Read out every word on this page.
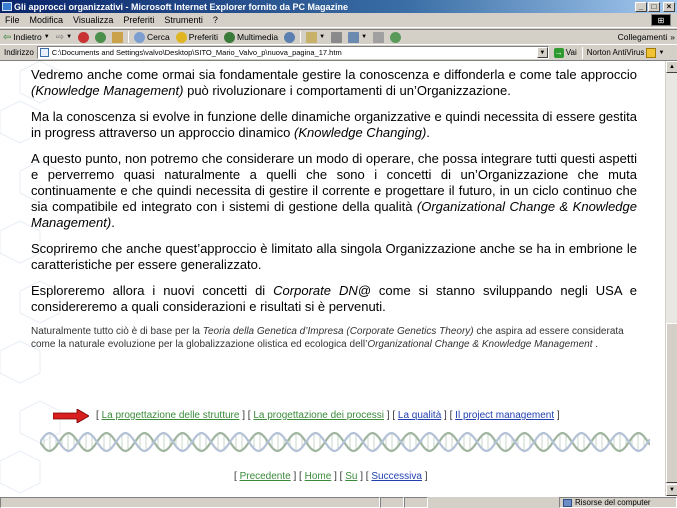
Gli approcci organizzativi - Microsoft Internet Explorer fornito da PC Magazine	_	□	×
File	Modifica	Visualizza	Preferiti	Strumenti	?	⊞
⇦ Indietro ▼ ⇨ ▼	Cerca Preferiti Multimedia	▼	▼	Collegamenti »
Indirizzo	C:\Documents and Settings\valvo\Desktop\SITO_Mario_Valvo_p\nuova_pagina_17.htm	▼	→ Vai Norton AntiVirus ▼

Vedremo anche come ormai sia fondamentale gestire la conoscenza e diffonderla e come tale approccio (Knowledge Management) può rivoluzionare i comportamenti di un’Organizzazione.

Ma la conoscenza si evolve in funzione delle dinamiche organizzative e quindi necessita di essere gestita in progress attraverso un approccio dinamico (Knowledge Changing).

A questo punto, non potremo che considerare un modo di operare, che possa integrare tutti questi aspetti e perverremo quasi naturalmente a quelli che sono i concetti di un’Organizzazione che muta continuamente e che quindi necessita di gestire il corrente e progettare il futuro, in un ciclo continuo che sia compatibile ed integrato con i sistemi di gestione della qualità (Organizational Change & Knowledge Management).

Scopriremo che anche quest’approccio è limitato alla singola Organizzazione anche se ha in embrione le caratteristiche per essere generalizzato.

Esploreremo allora i nuovi concetti di Corporate DN@ come si stanno sviluppando negli USA e considereremo a quali considerazioni e risultati si è pervenuti.

Naturalmente tutto ciò è di base per la Teoria della Genetica d’Impresa (Corporate Genetics Theory) che aspira ad essere considerata come la naturale evoluzione per la globalizzazione olistica ed ecologica dell’Organizational Change & Knowledge Management .

[ La progettazione delle strutture ] [ La progettazione dei processi ] [ La qualità ] [ Il project management ]
[ Precedente ] [ Home ] [ Su ] [ Successiva ]
▲
▼
Risorse del computer
